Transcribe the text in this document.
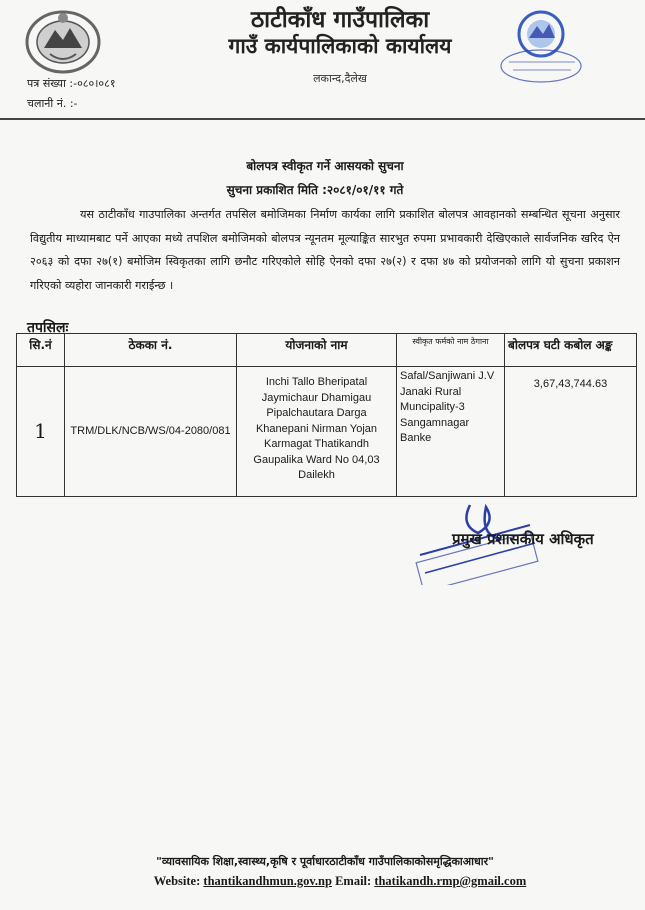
ठाटीकाँध गाउँपालिका
गाउँ कार्यपालिकाको कार्यालय
लकान्द,दैलेख
पत्र संख्या :-०८०।०८१
चलानी नं. :-
बोलपत्र स्वीकृत गर्ने आसयको सुचना
सुचना प्रकाशित मिति :२०८१/०१/११ गते

यस ठाटीकाँध गाउपालिका अन्तर्गत तपसिल बमोजिमका निर्माण कार्यका लागि प्रकाशित बोलपत्र आवहानको सम्बन्धित सूचना अनुसार विद्युतीय माध्यामबाट पर्ने आएका मध्ये तपशिल बमोजिमको बोलपत्र न्यूनतम मूल्याङ्कित सारभुत रुपमा प्रभावकारी देखिएकाले सार्वजनिक खरिद ऐन २०६३ को दफा २७(१) बमोजिम स्विकृतका लागि छनौट गरिएकोले सोहि ऐनको दफा २७(२) र दफा ४७ को प्रयोजनको लागि यो सुचना प्रकाशन गरिएको व्यहोरा जानकारी गराईन्छ ।

तपसिलः
सि.नं	ठेकका नं.	योजनाको नाम	स्वीकृत फर्मको नाम ठेगाना	बोलपत्र घटी कबोल अङ्क
1	TRM/DLK/NCB/WS/04-2080/081	Inchi Tallo Bheripatal Jaymichaur Dhamigau Pipalchautara Darga Khanepani Nirman Yojan Karmagat Thatikandh Gaupalika Ward No 04,03 Dailekh	Safal/Sanjiwani J.V Janaki Rural Muncipality-3 Sangamnagar Banke	3,67,43,744.63
प्रमुख प्रशासकीय अधिकृत
"व्यावसायिक शिक्षा,स्वास्थ्य,कृषि र पूर्वाधारठाटीकाँध गाउँपालिकाकोसमृद्धिकाआधार"
Website: thantikandhmun.gov.np Email: thatikandh.rmp@gmail.com
